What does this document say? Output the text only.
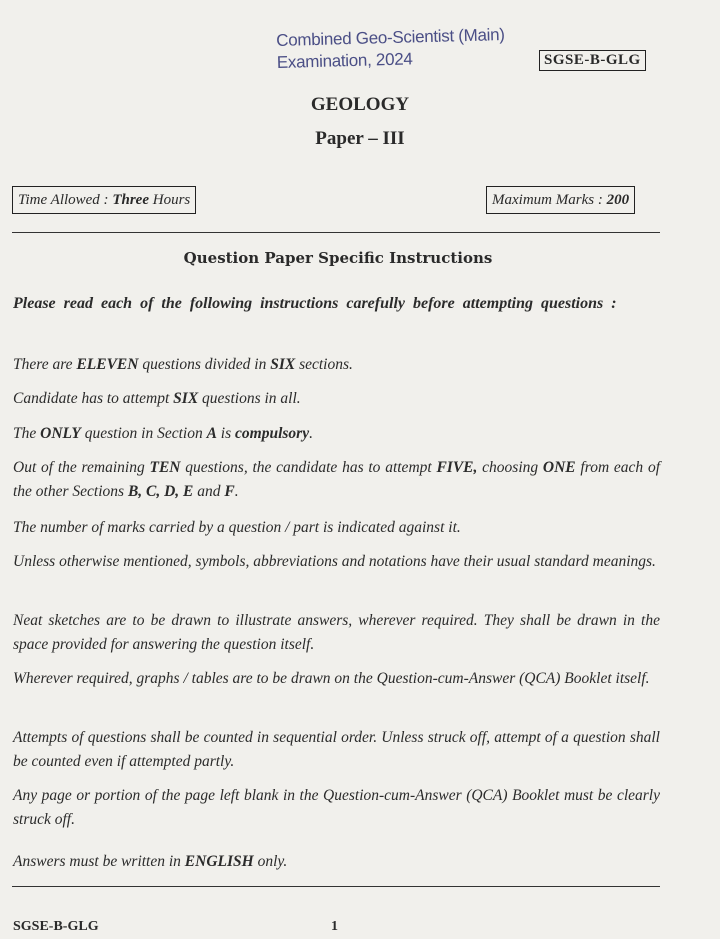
Combined Geo-Scientist (Main)
Examination, 2024	SGSE-B-GLG
GEOLOGY
Paper – III
Time Allowed : Three Hours	Maximum Marks : 200
Question Paper Specific Instructions
Please read each of the following instructions carefully before attempting questions :
There are ELEVEN questions divided in SIX sections.
Candidate has to attempt SIX questions in all.
The ONLY question in Section A is compulsory.
Out of the remaining TEN questions, the candidate has to attempt FIVE, choosing ONE from each of the other Sections B, C, D, E and F.
The number of marks carried by a question / part is indicated against it.
Unless otherwise mentioned, symbols, abbreviations and notations have their usual standard meanings.
Neat sketches are to be drawn to illustrate answers, wherever required. They shall be drawn in the space provided for answering the question itself.
Wherever required, graphs / tables are to be drawn on the Question-cum-Answer (QCA) Booklet itself.
Attempts of questions shall be counted in sequential order. Unless struck off, attempt of a question shall be counted even if attempted partly.
Any page or portion of the page left blank in the Question-cum-Answer (QCA) Booklet must be clearly struck off.
Answers must be written in ENGLISH only.
SGSE-B-GLG	1
